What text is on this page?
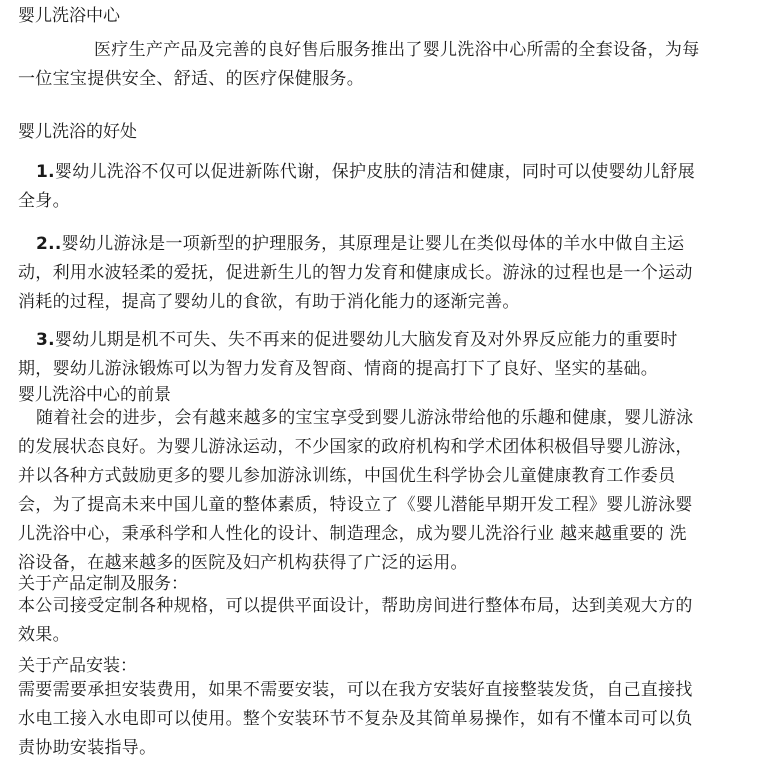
婴儿洗浴中心
医疗生产产品及完善的良好售后服务推出了婴儿洗浴中心所需的全套设备，为每
一位宝宝提供安全、舒适、的医疗保健服务。
婴儿洗浴的好处
1.婴幼儿洗浴不仅可以促进新陈代谢，保护皮肤的清洁和健康，同时可以使婴幼儿舒展
全身。
2..婴幼儿游泳是一项新型的护理服务，其原理是让婴儿在类似母体的羊水中做自主运
动，利用水波轻柔的爱抚，促进新生儿的智力发育和健康成长。游泳的过程也是一个运动
消耗的过程，提高了婴幼儿的食欲，有助于消化能力的逐渐完善。
3.婴幼儿期是机不可失、失不再来的促进婴幼儿大脑发育及对外界反应能力的重要时
期，婴幼儿游泳锻炼可以为智力发育及智商、情商的提高打下了良好、坚实的基础。
婴儿洗浴中心的前景
随着社会的进步，会有越来越多的宝宝享受到婴儿游泳带给他的乐趣和健康，婴儿游泳
的发展状态良好。为婴儿游泳运动，不少国家的政府机构和学术团体积极倡导婴儿游泳，
并以各种方式鼓励更多的婴儿参加游泳训练，中国优生科学协会儿童健康教育工作委员
会，为了提高未来中国儿童的整体素质，特设立了《婴儿潜能早期开发工程》婴儿游泳婴
儿洗浴中心，秉承科学和人性化的设计、制造理念，成为婴儿洗浴行业 越来越重要的 洗
浴设备，在越来越多的医院及妇产机构获得了广泛的运用。
关于产品定制及服务：
本公司接受定制各种规格，可以提供平面设计，帮助房间进行整体布局，达到美观大方的
效果。
关于产品安装：
需要需要承担安装费用，如果不需要安装，可以在我方安装好直接整装发货，自己直接找
水电工接入水电即可以使用。整个安装环节不复杂及其简单易操作，如有不懂本司可以负
责协助安装指导。
